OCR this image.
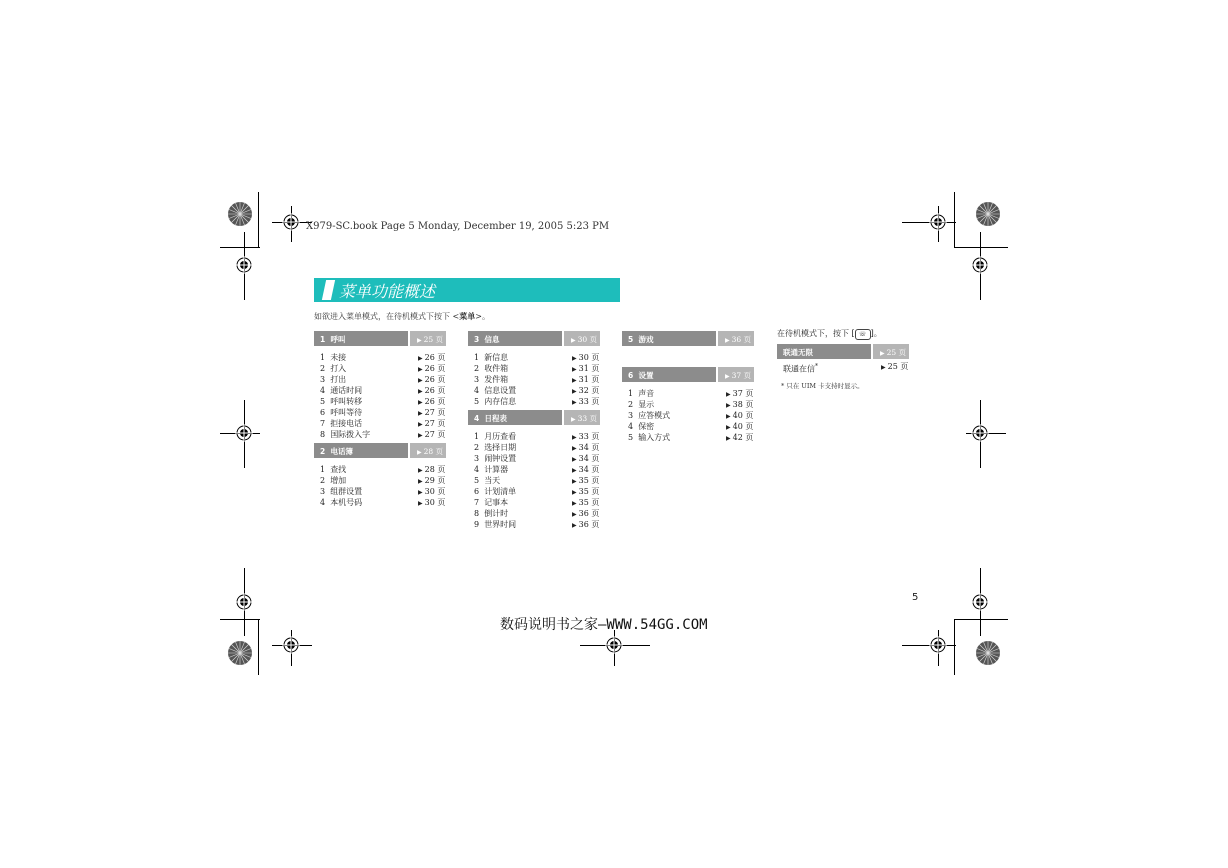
X979-SC.book Page 5 Monday, December 19, 2005 5:23 PM
菜单功能概述
如欲进入菜单模式，在待机模式下按下 <菜单>。
1 呼叫	▶ 25 页
1 未接	▶ 26 页
2 打入	▶ 26 页
3 打出	▶ 26 页
4 通话时间	▶ 26 页
5 呼叫转移	▶ 26 页
6 呼叫等待	▶ 27 页
7 拒接电话	▶ 27 页
8 国际拨入字	▶ 27 页
2 电话簿	▶ 28 页
1 查找	▶ 28 页
2 增加	▶ 29 页
3 组群设置	▶ 30 页
4 本机号码	▶ 30 页
3 信息	▶ 30 页
1 新信息	▶ 30 页
2 收件箱	▶ 31 页
3 发件箱	▶ 31 页
4 信息设置	▶ 32 页
5 内存信息	▶ 33 页
4 日程表	▶ 33 页
1 月历查看	▶ 33 页
2 选择日期	▶ 34 页
3 闹钟设置	▶ 34 页
4 计算器	▶ 34 页
5 当天	▶ 35 页
6 计划清单	▶ 35 页
7 记事本	▶ 35 页
8 倒计时	▶ 36 页
9 世界时间	▶ 36 页
5 游戏	▶ 36 页
6 设置	▶ 37 页
1 声音	▶ 37 页
2 显示	▶ 38 页
3 应答模式	▶ 40 页
4 保密	▶ 40 页
5 输入方式	▶ 42 页
在待机模式下，按下 [ ☏ ]。
联通无限	▶ 25 页
联通在信*	▶ 25 页
* 只在 UIM 卡支持时显示。
5
数码说明书之家—WWW.54GG.COM
